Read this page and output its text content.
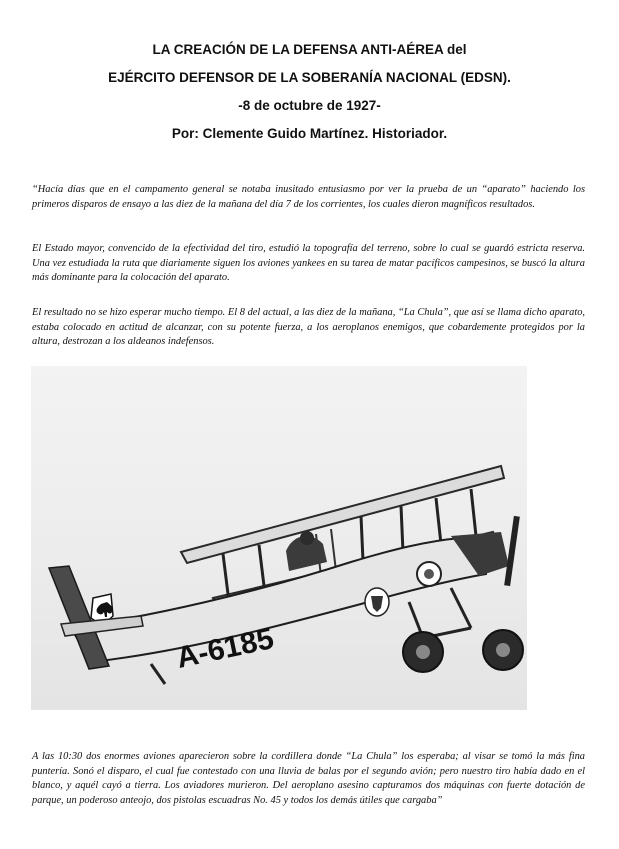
LA CREACIÓN DE LA DEFENSA ANTI-AÉREA del
EJÉRCITO DEFENSOR DE LA SOBERANÍA NACIONAL (EDSN).
-8 de octubre de 1927-
Por: Clemente Guido Martínez. Historiador.

“Hacía días que en el campamento general se notaba inusitado entusiasmo por ver la prueba de un “aparato” haciendo los primeros disparos de ensayo a las diez de la mañana del día 7 de los corrientes, los cuales dieron magníficos resultados.

El Estado mayor, convencido de la efectividad del tiro, estudió la topografía del terreno, sobre lo cual se guardó estricta reserva. Una vez estudiada la ruta que diariamente siguen los aviones yankees en su tarea de matar pacíficos campesinos, se buscó la altura más dominante para la colocación del aparato.

El resultado no se hizo esperar mucho tiempo. El 8 del actual, a las diez de la mañana, “La Chula”, que así se llama dicho aparato, estaba colocado en actitud de alcanzar, con su potente fuerza, a los aeroplanos enemigos, que cobardemente protegidos por la altura, destrozan a los aldeanos indefensos.

A-6185

A las 10:30 dos enormes aviones aparecieron sobre la cordillera donde “La Chula” los esperaba; al visar se tomó la más fina puntería. Sonó el disparo, el cual fue contestado con una lluvia de balas por el segundo avión; pero nuestro tiro había dado en el blanco, y aquél cayó a tierra. Los aviadores murieron. Del aeroplano asesino capturamos dos máquinas con fuerte dotación de parque, un poderoso anteojo, dos pistolas escuadras No. 45 y todos los demás útiles que cargaba”
